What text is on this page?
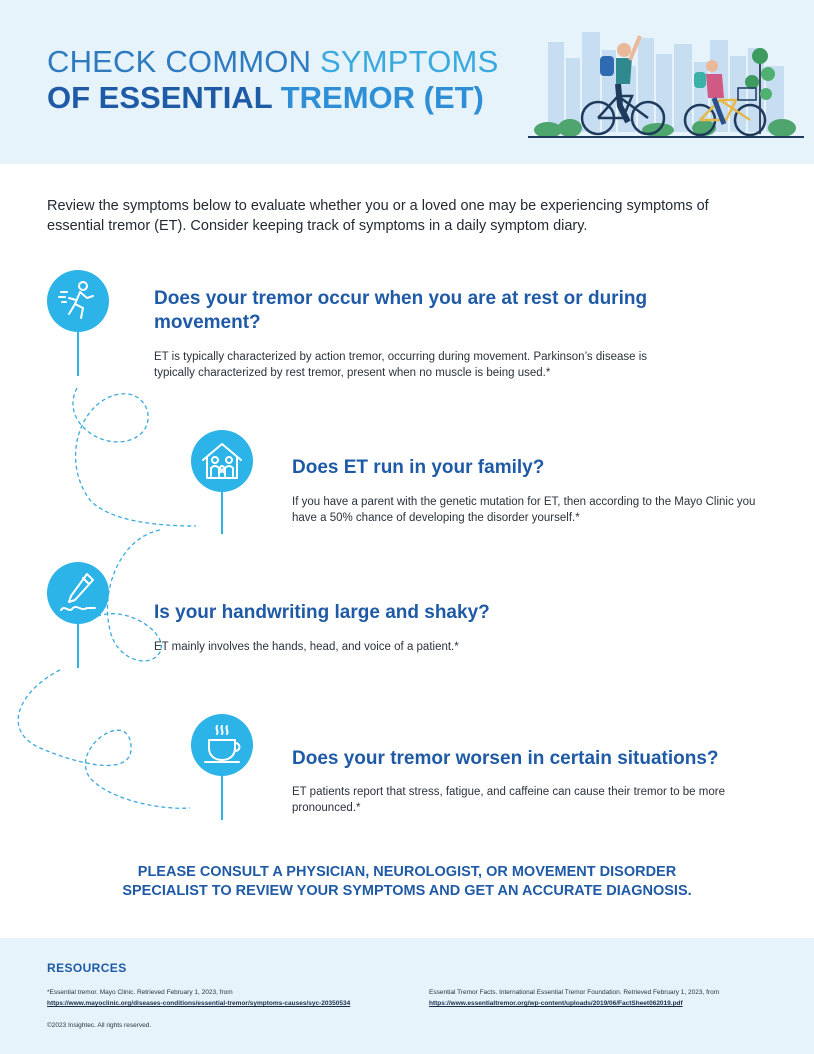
CHECK COMMON SYMPTOMS
OF ESSENTIAL TREMOR (ET)
Review the symptoms below to evaluate whether you or a loved one may be experiencing symptoms of essential tremor (ET). Consider keeping track of symptoms in a daily symptom diary.
Does your tremor occur when you are at rest or during movement?
ET is typically characterized by action tremor, occurring during movement. Parkinson’s disease is typically characterized by rest tremor, present when no muscle is being used.*
Does ET run in your family?
If you have a parent with the genetic mutation for ET, then according to the Mayo Clinic you have a 50% chance of developing the disorder yourself.*
Is your handwriting large and shaky?
ET mainly involves the hands, head, and voice of a patient.*
Does your tremor worsen in certain situations?
ET patients report that stress, fatigue, and caffeine can cause their tremor to be more pronounced.*
PLEASE CONSULT A PHYSICIAN, NEUROLOGIST, OR MOVEMENT DISORDER
SPECIALIST TO REVIEW YOUR SYMPTOMS AND GET AN ACCURATE DIAGNOSIS.
RESOURCES
*Essential tremor. Mayo Clinic. Retrieved February 1, 2023, from
https://www.mayoclinic.org/diseases-conditions/essential-tremor/symptoms-causes/syc-20350534
Essential Tremor Facts. International Essential Tremor Foundation. Retrieved February 1, 2023, from
https://www.essentialtremor.org/wp-content/uploads/2019/06/FactSheet062019.pdf
©2023 Insightec. All rights reserved.
